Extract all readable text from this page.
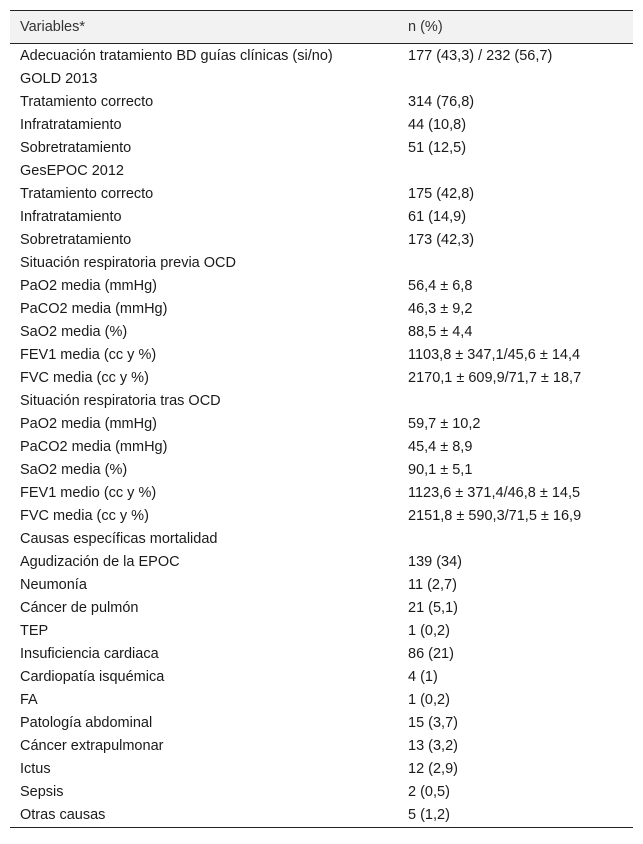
Variables*	n (%)
Adecuación tratamiento BD guías clínicas (si/no)	177 (43,3) / 232 (56,7)
GOLD 2013	
Tratamiento correcto	314 (76,8)
Infratratamiento	44 (10,8)
Sobretratamiento	51 (12,5)
GesEPOC 2012	
Tratamiento correcto	175 (42,8)
Infratratamiento	61 (14,9)
Sobretratamiento	173 (42,3)
Situación respiratoria previa OCD	
PaO2 media (mmHg)	56,4 ± 6,8
PaCO2 media (mmHg)	46,3 ± 9,2
SaO2 media (%)	88,5 ± 4,4
FEV1 media (cc y %)	1103,8 ± 347,1/45,6 ± 14,4
FVC media (cc y %)	2170,1 ± 609,9/71,7 ± 18,7
Situación respiratoria tras OCD	
PaO2 media (mmHg)	59,7 ± 10,2
PaCO2 media (mmHg)	45,4 ± 8,9
SaO2 media (%)	90,1 ± 5,1
FEV1 medio (cc y %)	1123,6 ± 371,4/46,8 ± 14,5
FVC media (cc y %)	2151,8 ± 590,3/71,5 ± 16,9
Causas específicas mortalidad	
Agudización de la EPOC	139 (34)
Neumonía	11 (2,7)
Cáncer de pulmón	21 (5,1)
TEP	1 (0,2)
Insuficiencia cardiaca	86 (21)
Cardiopatía isquémica	4 (1)
FA	1 (0,2)
Patología abdominal	15 (3,7)
Cáncer extrapulmonar	13 (3,2)
Ictus	12 (2,9)
Sepsis	2 (0,5)
Otras causas	5 (1,2)
